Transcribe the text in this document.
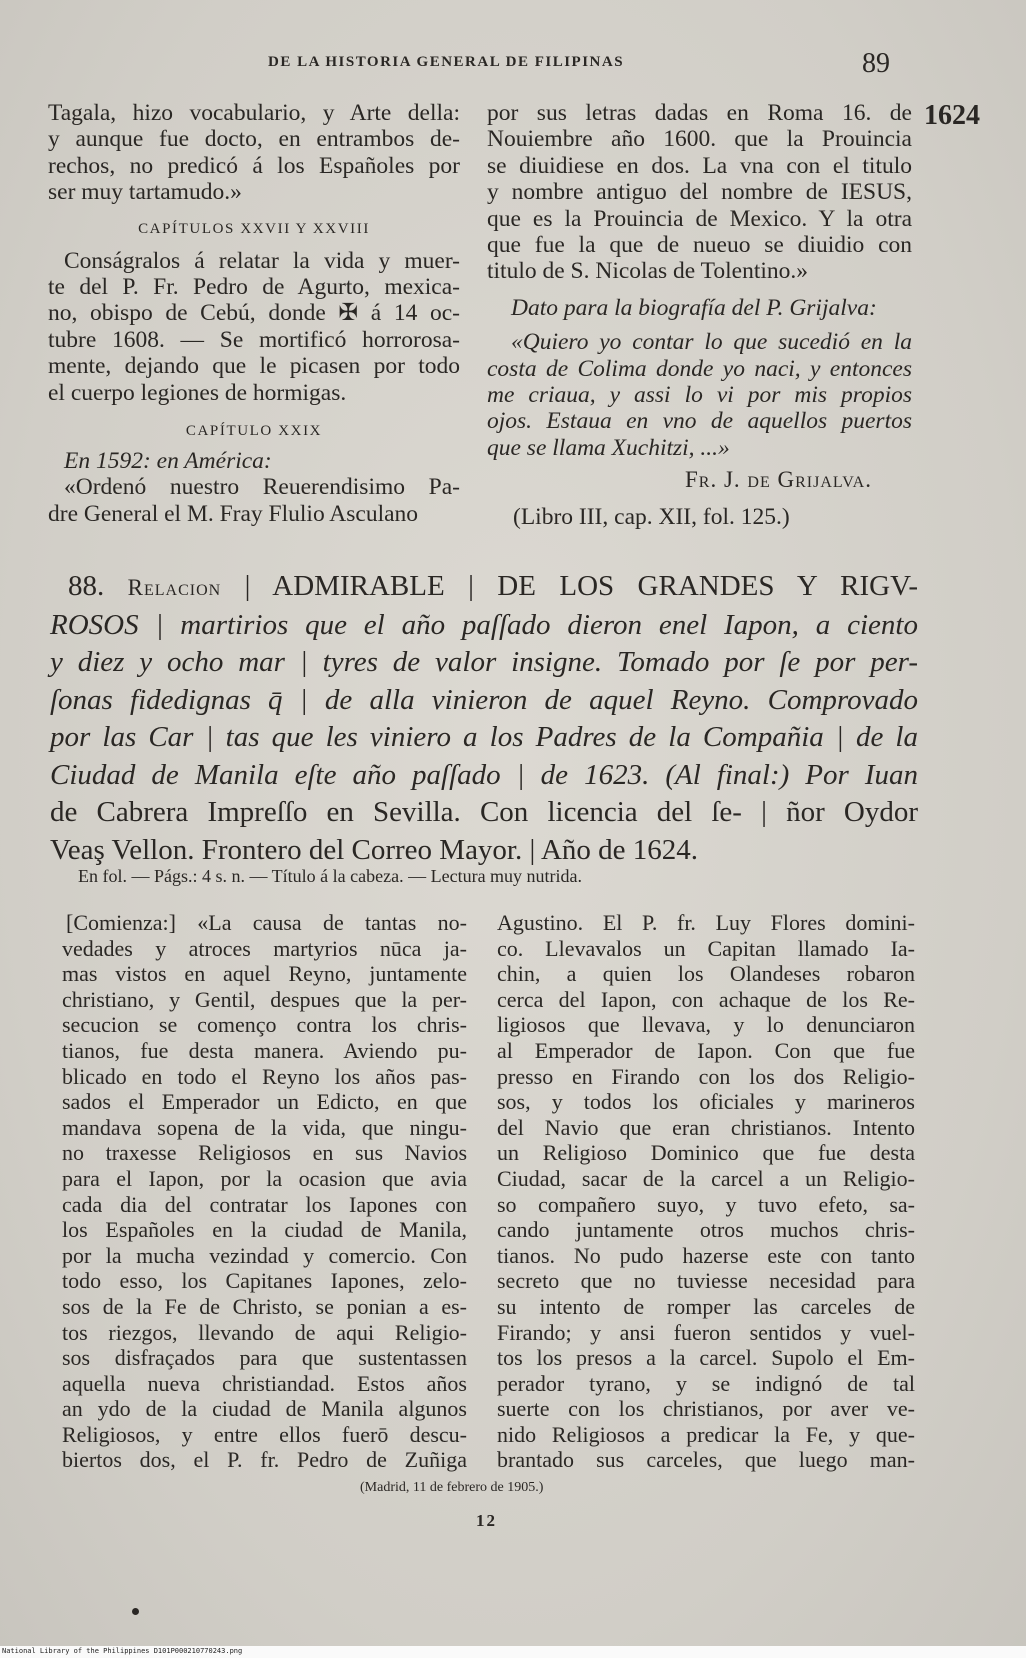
DE LA HISTORIA GENERAL DE FILIPINAS	89
1624
Tagala, hizo vocabulario, y Arte della:
y aunque fue docto, en entrambos de-
rechos, no predicó á los Españoles por
ser muy tartamudo.»
CAPÍTULOS XXVII Y XXVIII
Conságralos á relatar la vida y muer-
te del P. Fr. Pedro de Agurto, mexica-
no, obispo de Cebú, donde ✠ á 14 oc-
tubre 1608. — Se mortificó horrorosa-
mente, dejando que le picasen por todo
el cuerpo legiones de hormigas.
CAPÍTULO XXIX
En 1592: en América:
«Ordenó nuestro Reuerendisimo Pa-
dre General el M. Fray Flulio Asculano
por sus letras dadas en Roma 16. de
Nouiembre año 1600. que la Prouincia
se diuidiese en dos. La vna con el titulo
y nombre antiguo del nombre de IESUS,
que es la Prouincia de Mexico. Y la otra
que fue la que de nueuo se diuidio con
titulo de S. Nicolas de Tolentino.»
Dato para la biografía del P. Grijalva:
«Quiero yo contar lo que sucedió en la
costa de Colima donde yo naci, y entonces
me criaua, y assi lo vi por mis propios
ojos. Estaua en vno de aquellos puertos
que se llama Xuchitzi, ...»
Fr. J. de Grijalva.
(Libro III, cap. XII, fol. 125.)
88. Relacion | ADMIRABLE | DE LOS GRANDES Y RIGV-
ROSOS | martirios que el año paſſado dieron enel Iapon, a ciento
y diez y ocho mar | tyres de valor insigne. Tomado por ſe por per-
ſonas fidedignas q̄ | de alla vinieron de aquel Reyno. Comprovado
por las Car | tas que les viniero a los Padres de la Compañia | de la
Ciudad de Manila eſte año paſſado | de 1623. (Al final:) Por Iuan
de Cabrera Impreſſo en Sevilla. Con licencia del ſe- | ñor Oydor
Veaş Vellon. Frontero del Correo Mayor. | Año de 1624.
En fol. — Págs.: 4 s. n. — Título á la cabeza. — Lectura muy nutrida.
[Comienza:] «La causa de tantas no-
vedades y atroces martyrios nūca ja-
mas vistos en aquel Reyno, juntamente
christiano, y Gentil, despues que la per-
secucion se començo contra los chris-
tianos, fue desta manera. Aviendo pu-
blicado en todo el Reyno los años pas-
sados el Emperador un Edicto, en que
mandava sopena de la vida, que ningu-
no traxesse Religiosos en sus Navios
para el Iapon, por la ocasion que avia
cada dia del contratar los Iapones con
los Españoles en la ciudad de Manila,
por la mucha vezindad y comercio. Con
todo esso, los Capitanes Iapones, zelo-
sos de la Fe de Christo, se ponian a es-
tos riezgos, llevando de aqui Religio-
sos disfraçados para que sustentassen
aquella nueva christiandad. Estos años
an ydo de la ciudad de Manila algunos
Religiosos, y entre ellos fuerō descu-
biertos dos, el P. fr. Pedro de Zuñiga
Agustino. El P. fr. Luy Flores domini-
co. Llevavalos un Capitan llamado Ia-
chin, a quien los Olandeses robaron
cerca del Iapon, con achaque de los Re-
ligiosos que llevava, y lo denunciaron
al Emperador de Iapon. Con que fue
presso en Firando con los dos Religio-
sos, y todos los oficiales y marineros
del Navio que eran christianos. Intento
un Religioso Dominico que fue desta
Ciudad, sacar de la carcel a un Religio-
so compañero suyo, y tuvo efeto, sa-
cando juntamente otros muchos chris-
tianos. No pudo hazerse este con tanto
secreto que no tuviesse necesidad para
su intento de romper las carceles de
Firando; y ansi fueron sentidos y vuel-
tos los presos a la carcel. Supolo el Em-
perador tyrano, y se indignó de tal
suerte con los christianos, por aver ve-
nido Religiosos a predicar la Fe, y que-
brantado sus carceles, que luego man-
(Madrid, 11 de febrero de 1905.)
12
National Library of the Philippines D101P000210770243.png
